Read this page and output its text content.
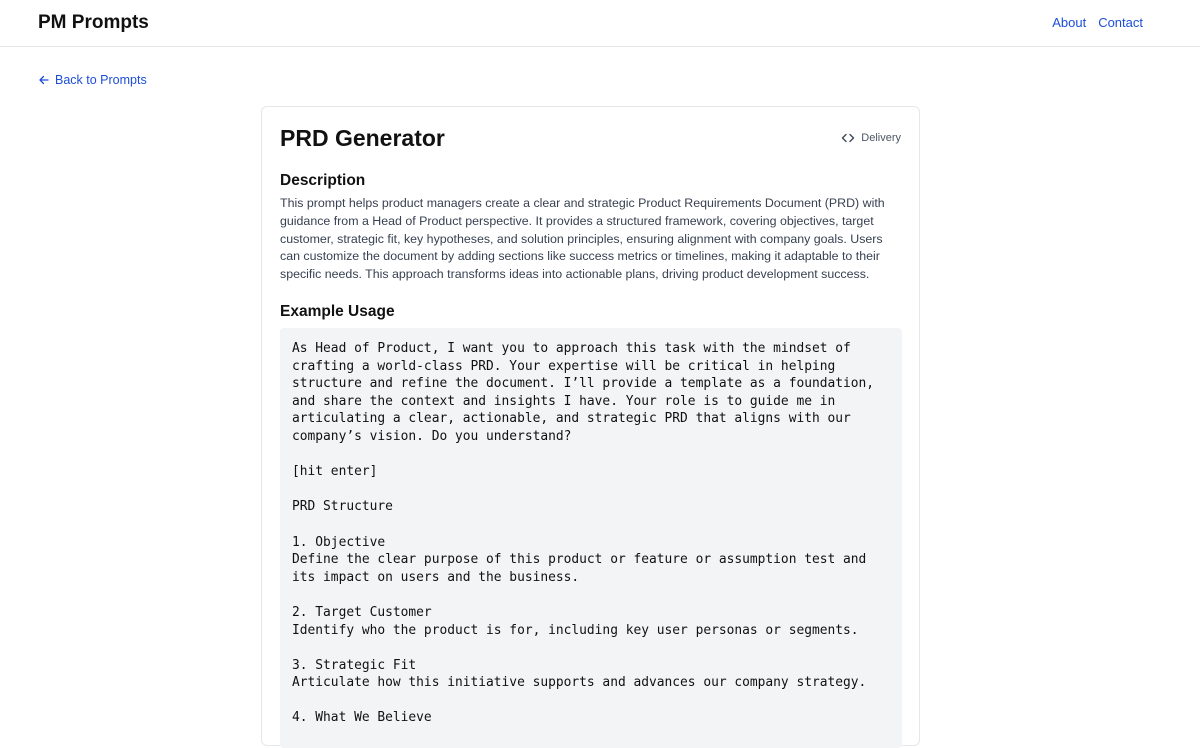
PM Prompts	About Contact
Back to Prompts
PRD Generator	Delivery
Description

This prompt helps product managers create a clear and strategic Product Requirements Document (PRD) with guidance from a Head of Product perspective. It provides a structured framework, covering objectives, target customer, strategic fit, key hypotheses, and solution principles, ensuring alignment with company goals. Users can customize the document by adding sections like success metrics or timelines, making it adaptable to their specific needs. This approach transforms ideas into actionable plans, driving product development success.

Example Usage
As Head of Product, I want you to approach this task with the mindset of crafting a world-class PRD. Your expertise will be critical in helping structure and refine the document. I’ll provide a template as a foundation, and share the context and insights I have. Your role is to guide me in articulating a clear, actionable, and strategic PRD that aligns with our company’s vision. Do you understand?

[hit enter]

PRD Structure

1. Objective
Define the clear purpose of this product or feature or assumption test and its impact on users and the business.

2. Target Customer
Identify who the product is for, including key user personas or segments.

3. Strategic Fit
Articulate how this initiative supports and advances our company strategy.

4. What We Believe
